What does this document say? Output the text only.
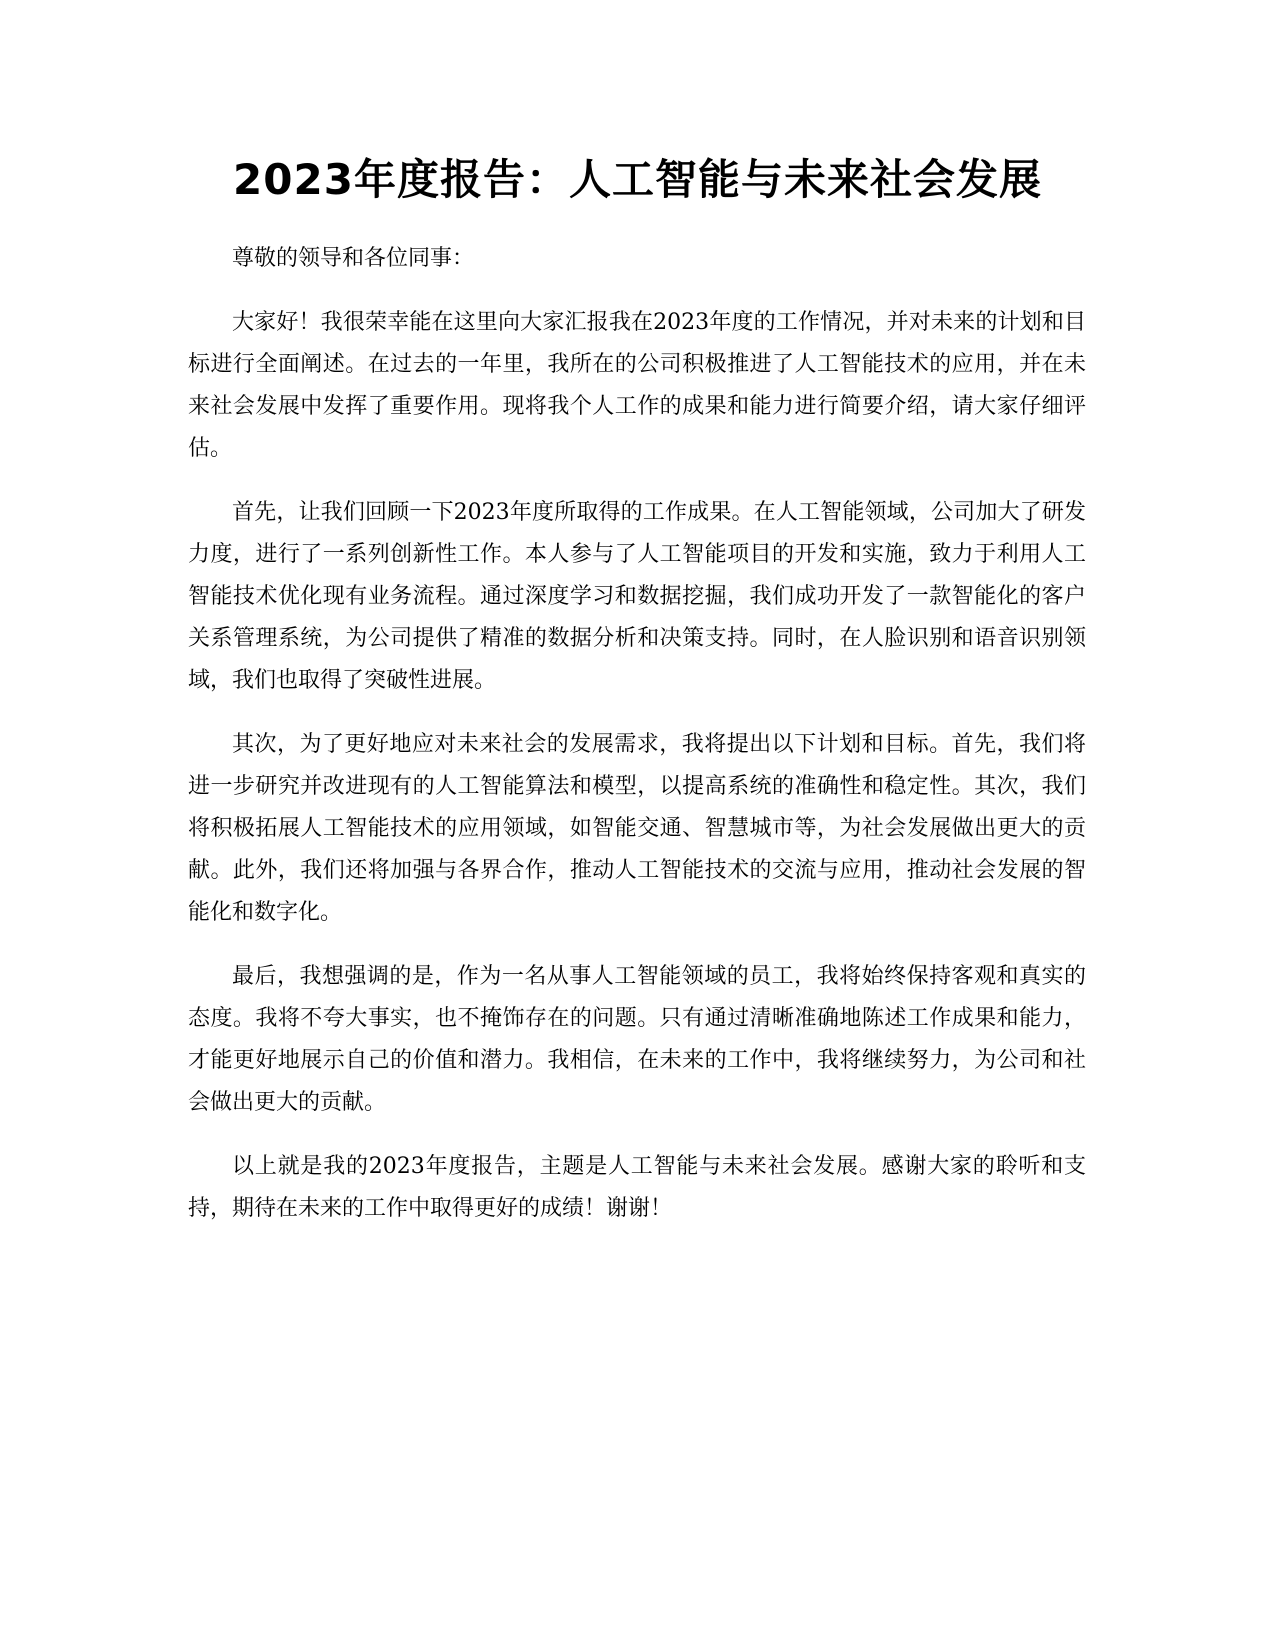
2023年度报告：人工智能与未来社会发展

尊敬的领导和各位同事：

大家好！我很荣幸能在这里向大家汇报我在2023年度的工作情况，并对未来的计划和目标进行全面阐述。在过去的一年里，我所在的公司积极推进了人工智能技术的应用，并在未来社会发展中发挥了重要作用。现将我个人工作的成果和能力进行简要介绍，请大家仔细评估。

首先，让我们回顾一下2023年度所取得的工作成果。在人工智能领域，公司加大了研发力度，进行了一系列创新性工作。本人参与了人工智能项目的开发和实施，致力于利用人工智能技术优化现有业务流程。通过深度学习和数据挖掘，我们成功开发了一款智能化的客户关系管理系统，为公司提供了精准的数据分析和决策支持。同时，在人脸识别和语音识别领域，我们也取得了突破性进展。

其次，为了更好地应对未来社会的发展需求，我将提出以下计划和目标。首先，我们将进一步研究并改进现有的人工智能算法和模型，以提高系统的准确性和稳定性。其次，我们将积极拓展人工智能技术的应用领域，如智能交通、智慧城市等，为社会发展做出更大的贡献。此外，我们还将加强与各界合作，推动人工智能技术的交流与应用，推动社会发展的智能化和数字化。

最后，我想强调的是，作为一名从事人工智能领域的员工，我将始终保持客观和真实的态度。我将不夸大事实，也不掩饰存在的问题。只有通过清晰准确地陈述工作成果和能力，才能更好地展示自己的价值和潜力。我相信，在未来的工作中，我将继续努力，为公司和社会做出更大的贡献。

以上就是我的2023年度报告，主题是人工智能与未来社会发展。感谢大家的聆听和支持，期待在未来的工作中取得更好的成绩！谢谢！
